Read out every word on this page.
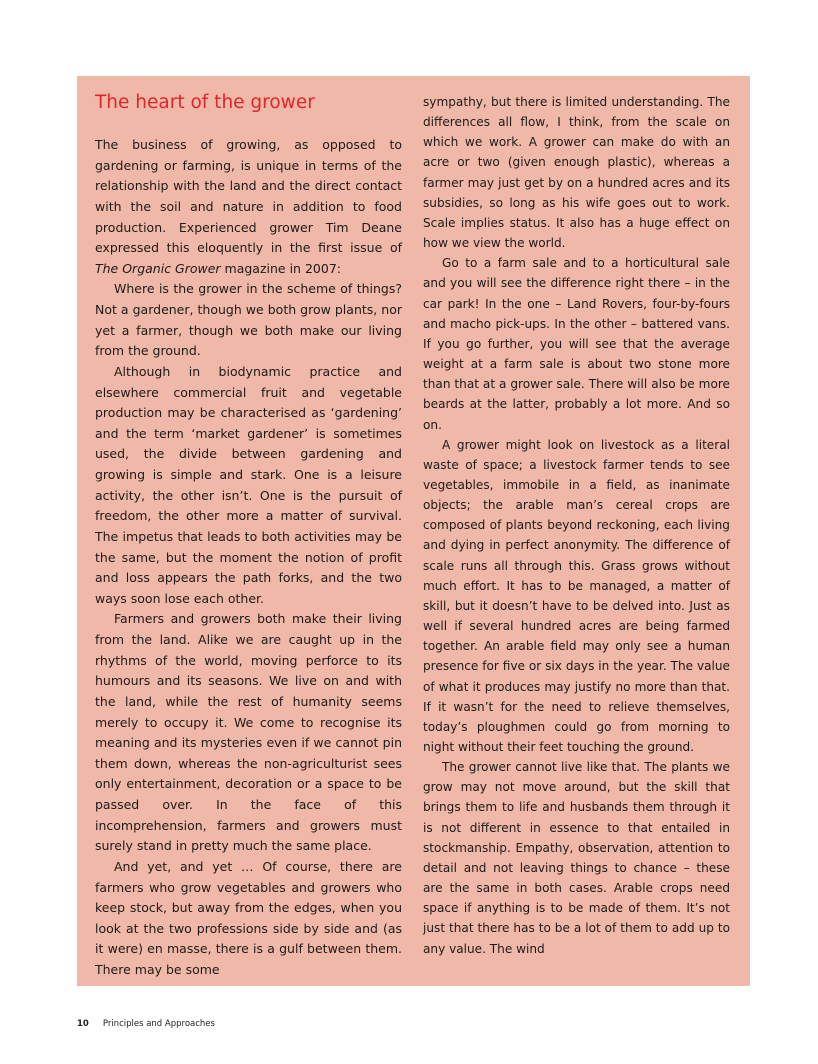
The heart of the grower

The business of growing, as opposed to gardening or farming, is unique in terms of the relationship with the land and the direct contact with the soil and nature in addition to food production. Experienced grower Tim Deane expressed this eloquently in the first issue of The Organic Grower magazine in 2007:

Where is the grower in the scheme of things? Not a gardener, though we both grow plants, nor yet a farmer, though we both make our living from the ground.

Although in biodynamic practice and elsewhere commercial fruit and vegetable production may be characterised as ‘gardening’ and the term ‘market gardener’ is sometimes used, the divide between gardening and growing is simple and stark. One is a leisure activity, the other isn’t. One is the pursuit of freedom, the other more a matter of survival. The impetus that leads to both activities may be the same, but the moment the notion of profit and loss appears the path forks, and the two ways soon lose each other.

Farmers and growers both make their living from the land. Alike we are caught up in the rhythms of the world, moving perforce to its humours and its seasons. We live on and with the land, while the rest of humanity seems merely to occupy it. We come to recognise its meaning and its mysteries even if we cannot pin them down, whereas the non-agriculturist sees only entertainment, decoration or a space to be passed over. In the face of this incomprehension, farmers and growers must surely stand in pretty much the same place.

And yet, and yet … Of course, there are farmers who grow vegetables and growers who keep stock, but away from the edges, when you look at the two professions side by side and (as it were) en masse, there is a gulf between them. There may be some

sympathy, but there is limited understanding. The differences all flow, I think, from the scale on which we work. A grower can make do with an acre or two (given enough plastic), whereas a farmer may just get by on a hundred acres and its subsidies, so long as his wife goes out to work. Scale implies status. It also has a huge effect on how we view the world.

Go to a farm sale and to a horticultural sale and you will see the difference right there – in the car park! In the one – Land Rovers, four-by-fours and macho pick-ups. In the other – battered vans. If you go further, you will see that the average weight at a farm sale is about two stone more than that at a grower sale. There will also be more beards at the latter, probably a lot more. And so on.

A grower might look on livestock as a literal waste of space; a livestock farmer tends to see vegetables, immobile in a field, as inanimate objects; the arable man’s cereal crops are composed of plants beyond reckoning, each living and dying in perfect anonymity. The difference of scale runs all through this. Grass grows without much effort. It has to be managed, a matter of skill, but it doesn’t have to be delved into. Just as well if several hundred acres are being farmed together. An arable field may only see a human presence for five or six days in the year. The value of what it produces may justify no more than that. If it wasn’t for the need to relieve themselves, today’s ploughmen could go from morning to night without their feet touching the ground.

The grower cannot live like that. The plants we grow may not move around, but the skill that brings them to life and husbands them through it is not different in essence to that entailed in stockmanship. Empathy, observation, attention to detail and not leaving things to chance – these are the same in both cases. Arable crops need space if anything is to be made of them. It’s not just that there has to be a lot of them to add up to any value. The wind

10 Principles and Approaches
